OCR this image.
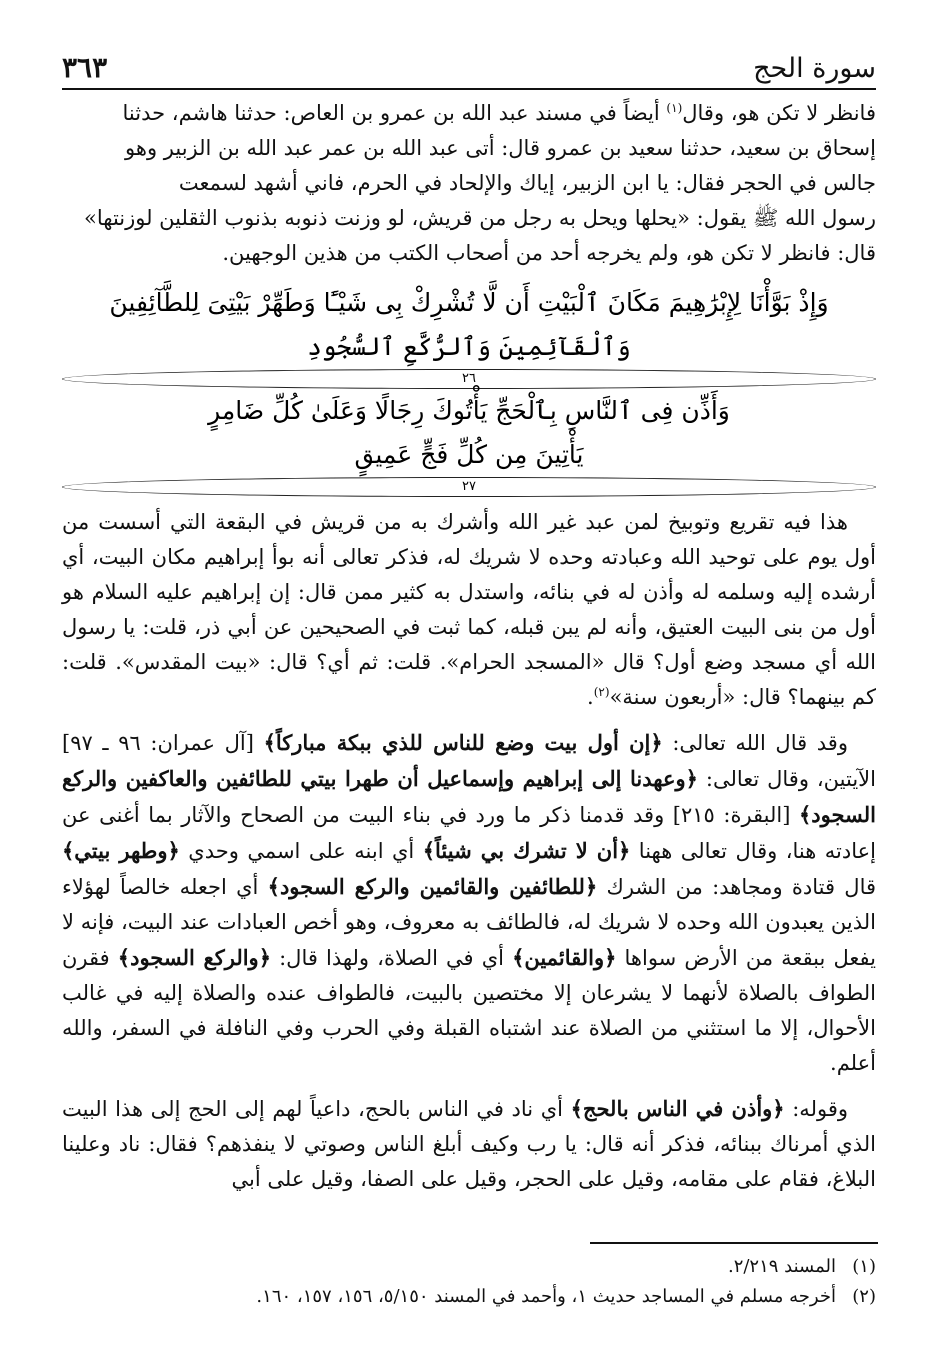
سورة الحج
٣٦٣

فانظر لا تكن هو، وقال$^{(١)}$ أيضاً في مسند عبد الله بن عمرو بن العاص: حدثنا هاشم، حدثنا

إسحاق بن سعيد، حدثنا سعيد بن عمرو قال: أتى عبد الله بن عمر عبد الله بن الزبير وهو

جالس في الحجر فقال: يا ابن الزبير، إياك والإلحاد في الحرم، فاني أشهد لسمعت

رسول الله ﷺ يقول: «يحلها ويحل به رجل من قريش، لو وزنت ذنوبه بذنوب الثقلين لوزنتها»

قال: فانظر لا تكن هو، ولم يخرجه أحد من أصحاب الكتب من هذين الوجهين.

وَإِذْ بَوَّأْنَا لِإِبْرَٰهِيمَ مَكَانَ ٱلْبَيْتِ أَن لَّا تُشْرِكْ بِى شَيْـًٔا وَطَهِّرْ بَيْتِىَ لِلطَّآئِفِينَ
وَٱلْقَآئِمِينَ وَٱلرُّكَّعِ ٱلسُّجُودِ
٢٦
وَأَذِّن فِى ٱلنَّاسِ بِٱلْحَجِّ يَأْتُوكَ رِجَالًا وَعَلَىٰ كُلِّ ضَامِرٍ
يَأْتِينَ مِن كُلِّ فَجٍّ عَمِيقٍ
٢٧

هذا فيه تقريع وتوبيخ لمن عبد غير الله وأشرك به من قريش في البقعة التي أسست من أول يوم على توحيد الله وعبادته وحده لا شريك له، فذكر تعالى أنه بوأ إبراهيم مكان البيت، أي أرشده إليه وسلمه له وأذن له في بنائه، واستدل به كثير ممن قال: إن إبراهيم عليه السلام هو أول من بنى البيت العتيق، وأنه لم يبن قبله، كما ثبت في الصحيحين عن أبي ذر، قلت: يا رسول الله أي مسجد وضع أول؟ قال «المسجد الحرام». قلت: ثم أي؟ قال: «بيت المقدس». قلت: كم بينهما؟ قال: «أربعون سنة»$^{(٢)}$.

وقد قال الله تعالى: ﴿إن أول بيت وضع للناس للذي ببكة مباركاً﴾ [آل عمران: ٩٦ ـ ٩٧] الآيتين، وقال تعالى: ﴿وعهدنا إلى إبراهيم وإسماعيل أن طهرا بيتي للطائفين والعاكفين والركع السجود﴾ [البقرة: ٢١٥] وقد قدمنا ذكر ما ورد في بناء البيت من الصحاح والآثار بما أغنى عن إعادته هنا، وقال تعالى ههنا ﴿أن لا تشرك بي شيئاً﴾ أي ابنه على اسمي وحدي ﴿وطهر بيتي﴾ قال قتادة ومجاهد: من الشرك ﴿للطائفين والقائمين والركع السجود﴾ أي اجعله خالصاً لهؤلاء الذين يعبدون الله وحده لا شريك له، فالطائف به معروف، وهو أخص العبادات عند البيت، فإنه لا يفعل ببقعة من الأرض سواها ﴿والقائمين﴾ أي في الصلاة، ولهذا قال: ﴿والركع السجود﴾ فقرن الطواف بالصلاة لأنهما لا يشرعان إلا مختصين بالبيت، فالطواف عنده والصلاة إليه في غالب الأحوال، إلا ما استثني من الصلاة عند اشتباه القبلة وفي الحرب وفي النافلة في السفر، والله أعلم.

وقوله: ﴿وأذن في الناس بالحج﴾ أي ناد في الناس بالحج، داعياً لهم إلى الحج إلى هذا البيت الذي أمرناك ببنائه، فذكر أنه قال: يا رب وكيف أبلغ الناس وصوتي لا ينفذهم؟ فقال: ناد وعلينا البلاغ، فقام على مقامه، وقيل على الحجر، وقيل على الصفا، وقيل على أبي

(١)المسند ٢/٢١٩.

(٢)أخرجه مسلم في المساجد حديث ١، وأحمد في المسند ٥/١٥٠، ١٥٦، ١٥٧، ١٦٠.
